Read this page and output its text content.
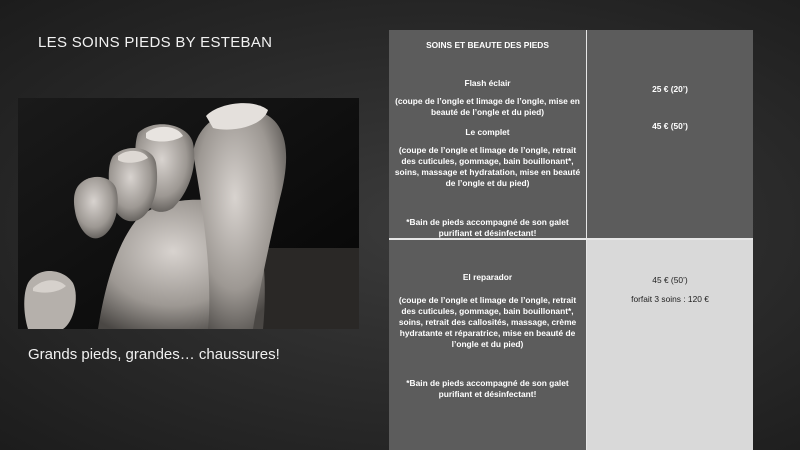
LES SOINS PIEDS BY ESTEBAN
Grands pieds, grandes… chaussures!

SOINS ET BEAUTE DES PIEDS

Flash éclair

(coupe de l’ongle et limage de l’ongle, mise en beauté de l’ongle et du pied)

Le complet

(coupe de l’ongle et limage de l’ongle, retrait des cuticules, gommage, bain bouillonant*, soins, massage et hydratation, mise en beauté de l’ongle et du pied)

*Bain de pieds accompagné de son galet purifiant et désinfectant!

25 € (20’)

45 € (50’)

El reparador

(coupe de l’ongle et limage de l’ongle, retrait des cuticules, gommage, bain bouillonant*, soins, retrait des callosités, massage, crème hydratante et réparatrice, mise en beauté de l’ongle et du pied)

*Bain de pieds accompagné de son galet purifiant et désinfectant!

45 € (50’)

forfait 3 soins : 120 €
